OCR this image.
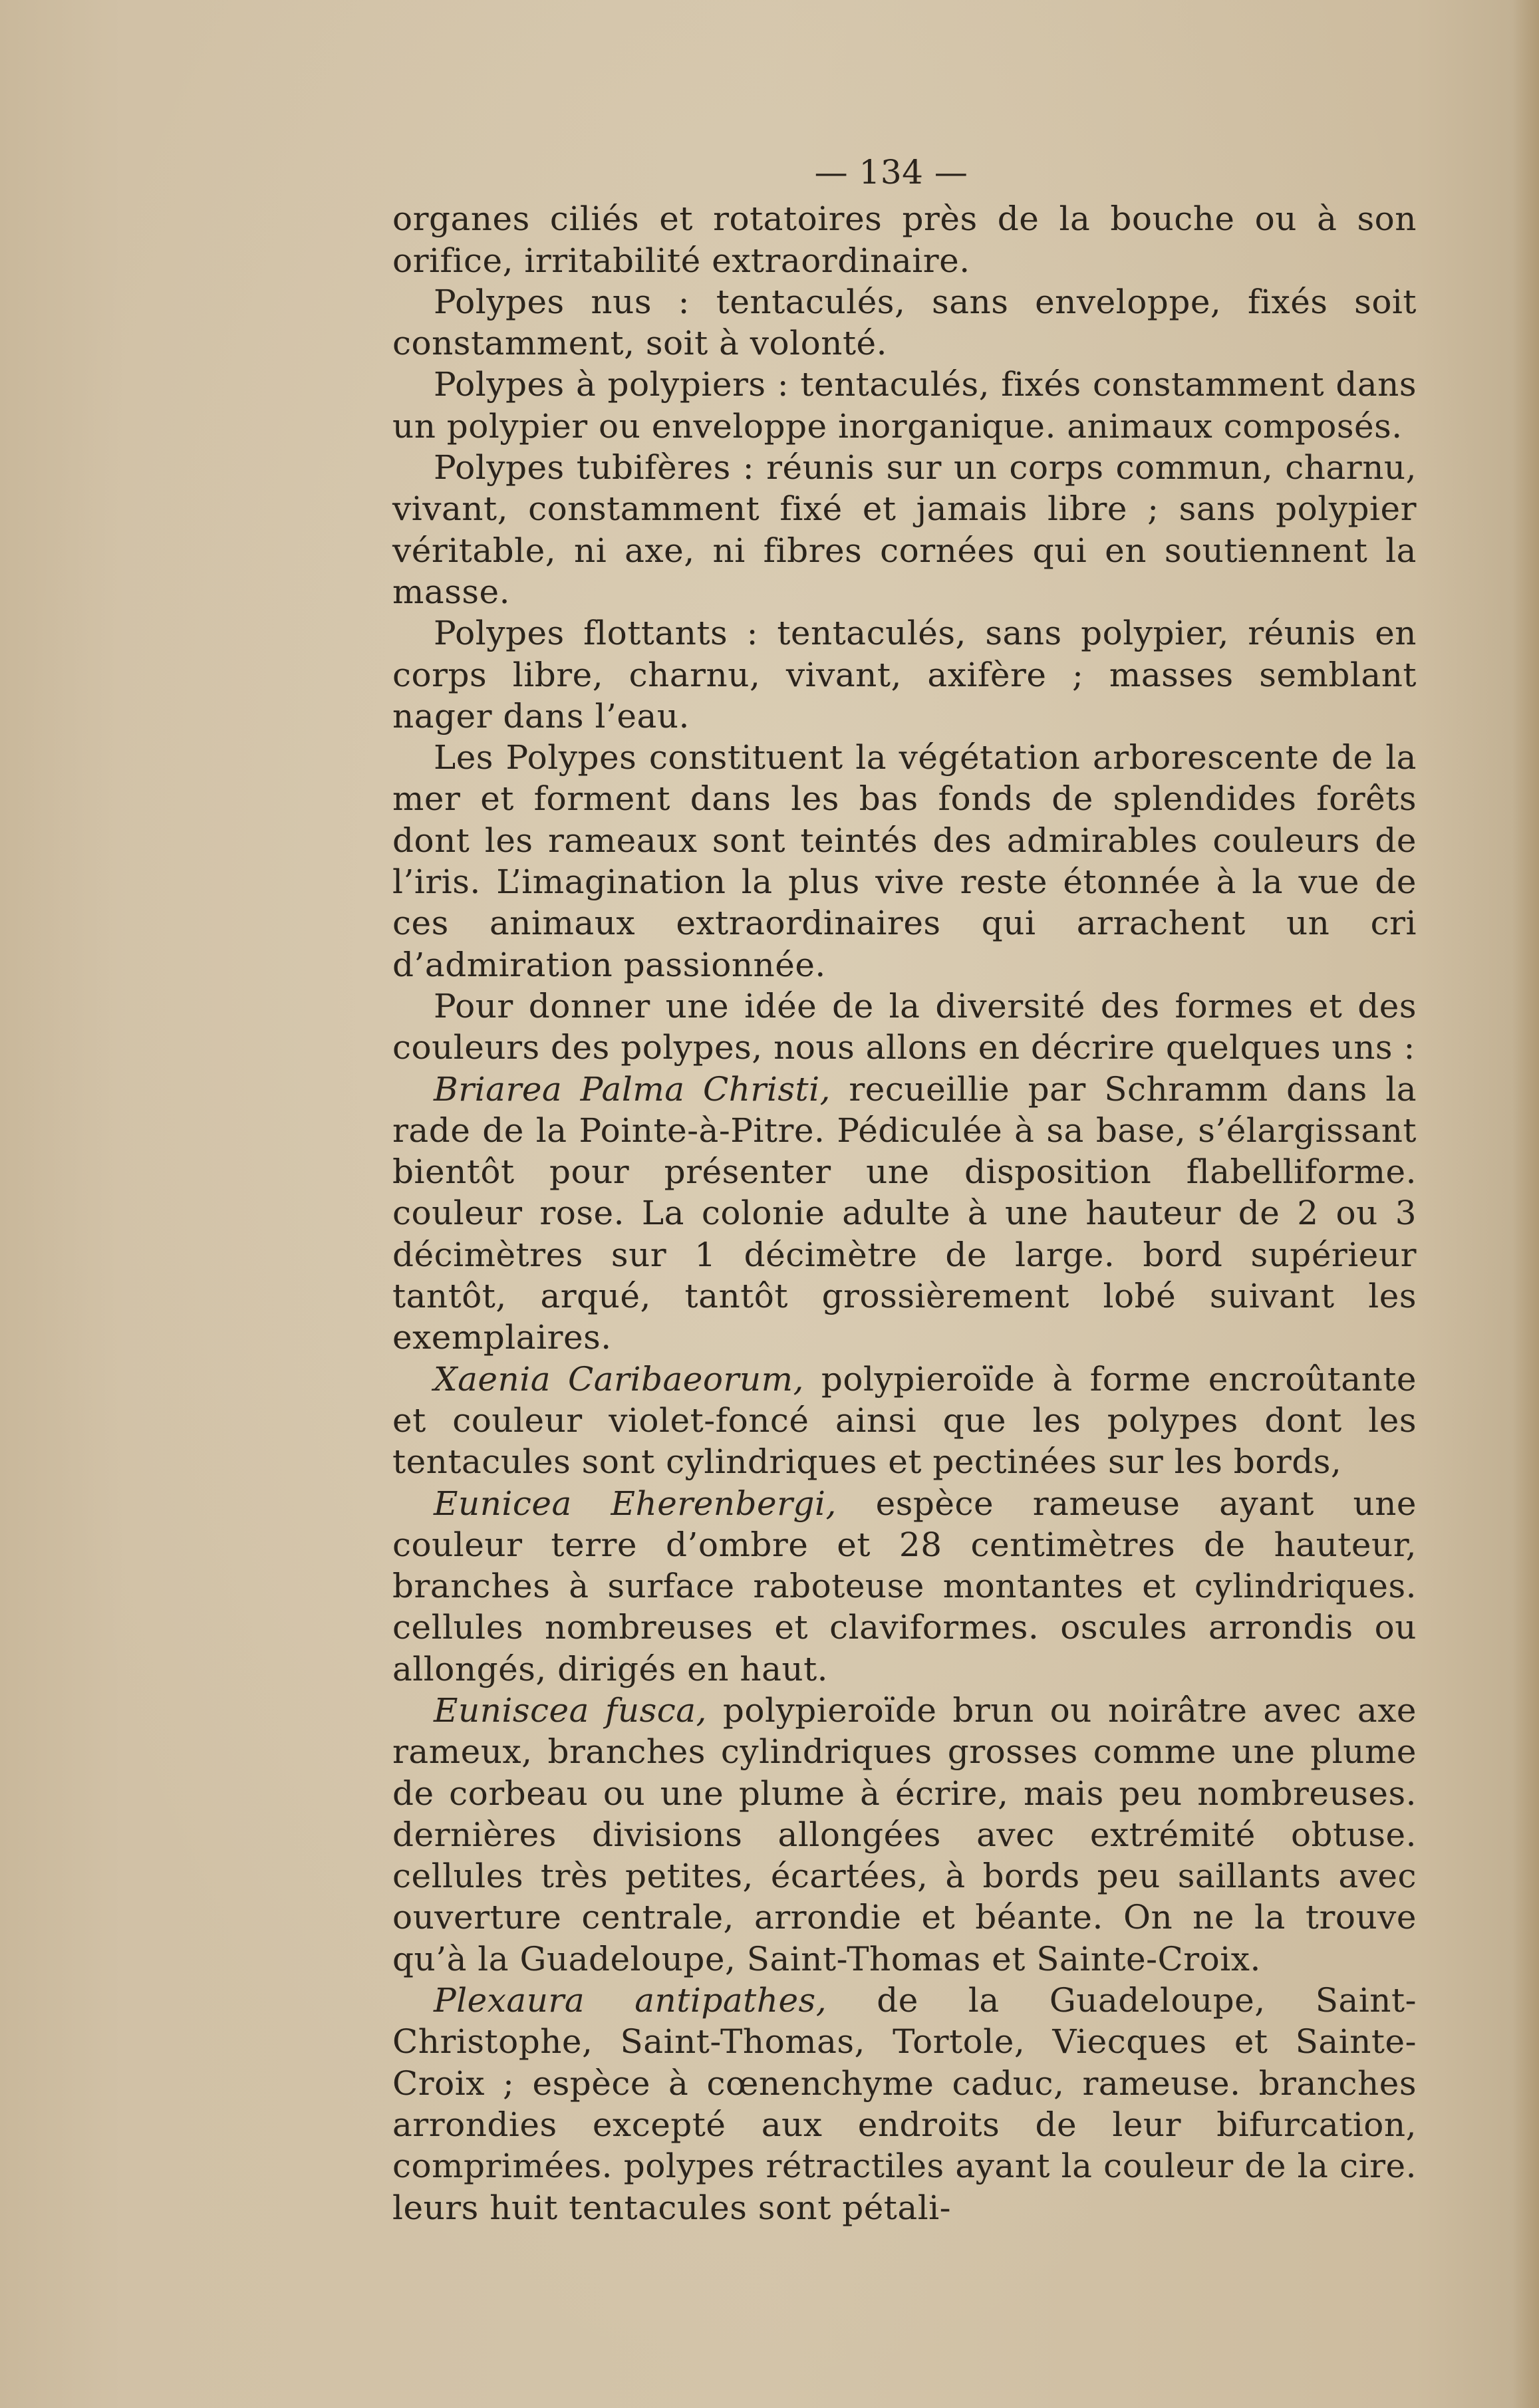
— 134 —

organes ciliés et rotatoires près de la bouche ou à son orifice, irritabilité extraordinaire.

Polypes nus : tentaculés, sans enveloppe, fixés soit constamment, soit à volonté.

Polypes à polypiers : tentaculés, fixés constamment dans un polypier ou enveloppe inorganique. animaux composés.

Polypes tubifères : réunis sur un corps commun, charnu, vivant, constamment fixé et jamais libre ; sans polypier véritable, ni axe, ni fibres cornées qui en soutiennent la masse.

Polypes flottants : tentaculés, sans polypier, réunis en corps libre, charnu, vivant, axifère ; masses semblant nager dans l’eau.

Les Polypes constituent la végétation arborescente de la mer et forment dans les bas fonds de splendides forêts dont les rameaux sont teintés des admirables couleurs de l’iris. L’imagination la plus vive reste étonnée à la vue de ces animaux extraordinaires qui arrachent un cri d’admiration passionnée.

Pour donner une idée de la diversité des formes et des couleurs des polypes, nous allons en décrire quelques uns :

Briarea Palma Christi, recueillie par Schramm dans la rade de la Pointe-à-Pitre. Pédiculée à sa base, s’élargissant bientôt pour présenter une disposition flabelliforme. couleur rose. La colonie adulte à une hauteur de 2 ou 3 décimètres sur 1 décimètre de large. bord supérieur tantôt, arqué, tantôt grossièrement lobé suivant les exemplaires.

Xaenia Caribaeorum, polypieroïde à forme encroûtante et couleur violet-foncé ainsi que les polypes dont les tentacules sont cylindriques et pectinées sur les bords,

Eunicea Eherenbergi, espèce rameuse ayant une couleur terre d’ombre et 28 centimètres de hauteur, branches à surface raboteuse montantes et cylindriques. cellules nombreuses et claviformes. oscules arrondis ou allongés, dirigés en haut.

Euniscea fusca, polypieroïde brun ou noirâtre avec axe rameux, branches cylindriques grosses comme une plume de corbeau ou une plume à écrire, mais peu nombreuses. dernières divisions allongées avec extrémité obtuse. cellules très petites, écartées, à bords peu saillants avec ouverture centrale, arrondie et béante. On ne la trouve qu’à la Guadeloupe, Saint-Thomas et Sainte-Croix.

Plexaura antipathes, de la Guadeloupe, Saint-Christophe, Saint-Thomas, Tortole, Viecques et Sainte-Croix ; espèce à cœnenchyme caduc, rameuse. branches arrondies excepté aux endroits de leur bifurcation, comprimées. polypes rétractiles ayant la couleur de la cire. leurs huit tentacules sont pétali-
